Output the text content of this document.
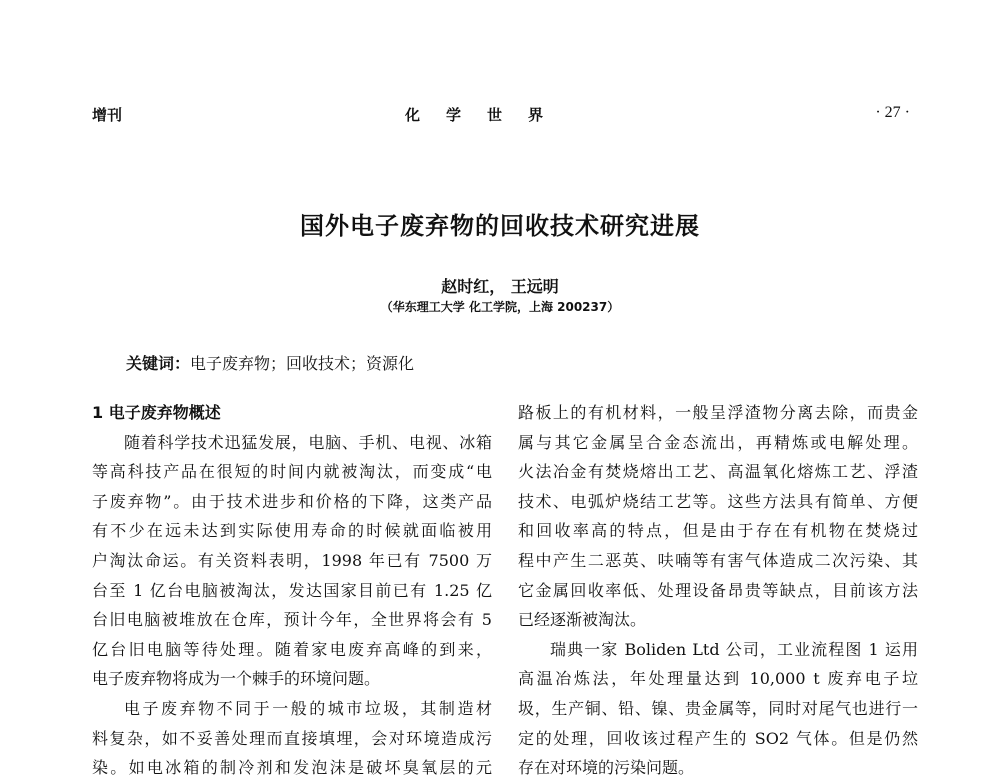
增刊	化学世界	· 27 ·
国外电子废弃物的回收技术研究进展
赵时红， 王远明
（华东理工大学 化工学院，上海 200237）
关键词：电子废弃物；回收技术；资源化
1 电子废弃物概述
随着科学技术迅猛发展，电脑、手机、电视、冰箱
等高科技产品在很短的时间内就被淘汰，而变成“电
子废弃物”。由于技术进步和价格的下降，这类产品
有不少在远未达到实际使用寿命的时候就面临被用
户淘汰命运。有关资料表明，1998 年已有 7500 万
台至 1 亿台电脑被淘汰，发达国家目前已有 1.25 亿
台旧电脑被堆放在仓库，预计今年，全世界将会有 5
亿台旧电脑等待处理。随着家电废弃高峰的到来，
电子废弃物将成为一个棘手的环境问题。
电子废弃物不同于一般的城市垃圾，其制造材
料复杂，如不妥善处理而直接填埋，会对环境造成污
染。如电冰箱的制冷剂和发泡沫是破坏臭氧层的元
路板上的有机材料，一般呈浮渣物分离去除，而贵金
属与其它金属呈合金态流出，再精炼或电解处理。
火法冶金有焚烧熔出工艺、高温氧化熔炼工艺、浮渣
技术、电弧炉烧结工艺等。这些方法具有简单、方便
和回收率高的特点，但是由于存在有机物在焚烧过
程中产生二恶英、呋喃等有害气体造成二次污染、其
它金属回收率低、处理设备昂贵等缺点，目前该方法
已经逐渐被淘汰。
瑞典一家 Boliden Ltd 公司，工业流程图 1 运用
高温冶炼法，年处理量达到 10,000 t 废弃电子垃
圾，生产铜、铅、镍、贵金属等，同时对尾气也进行一
定的处理，回收该过程产生的 SO2 气体。但是仍然
存在对环境的污染问题。
